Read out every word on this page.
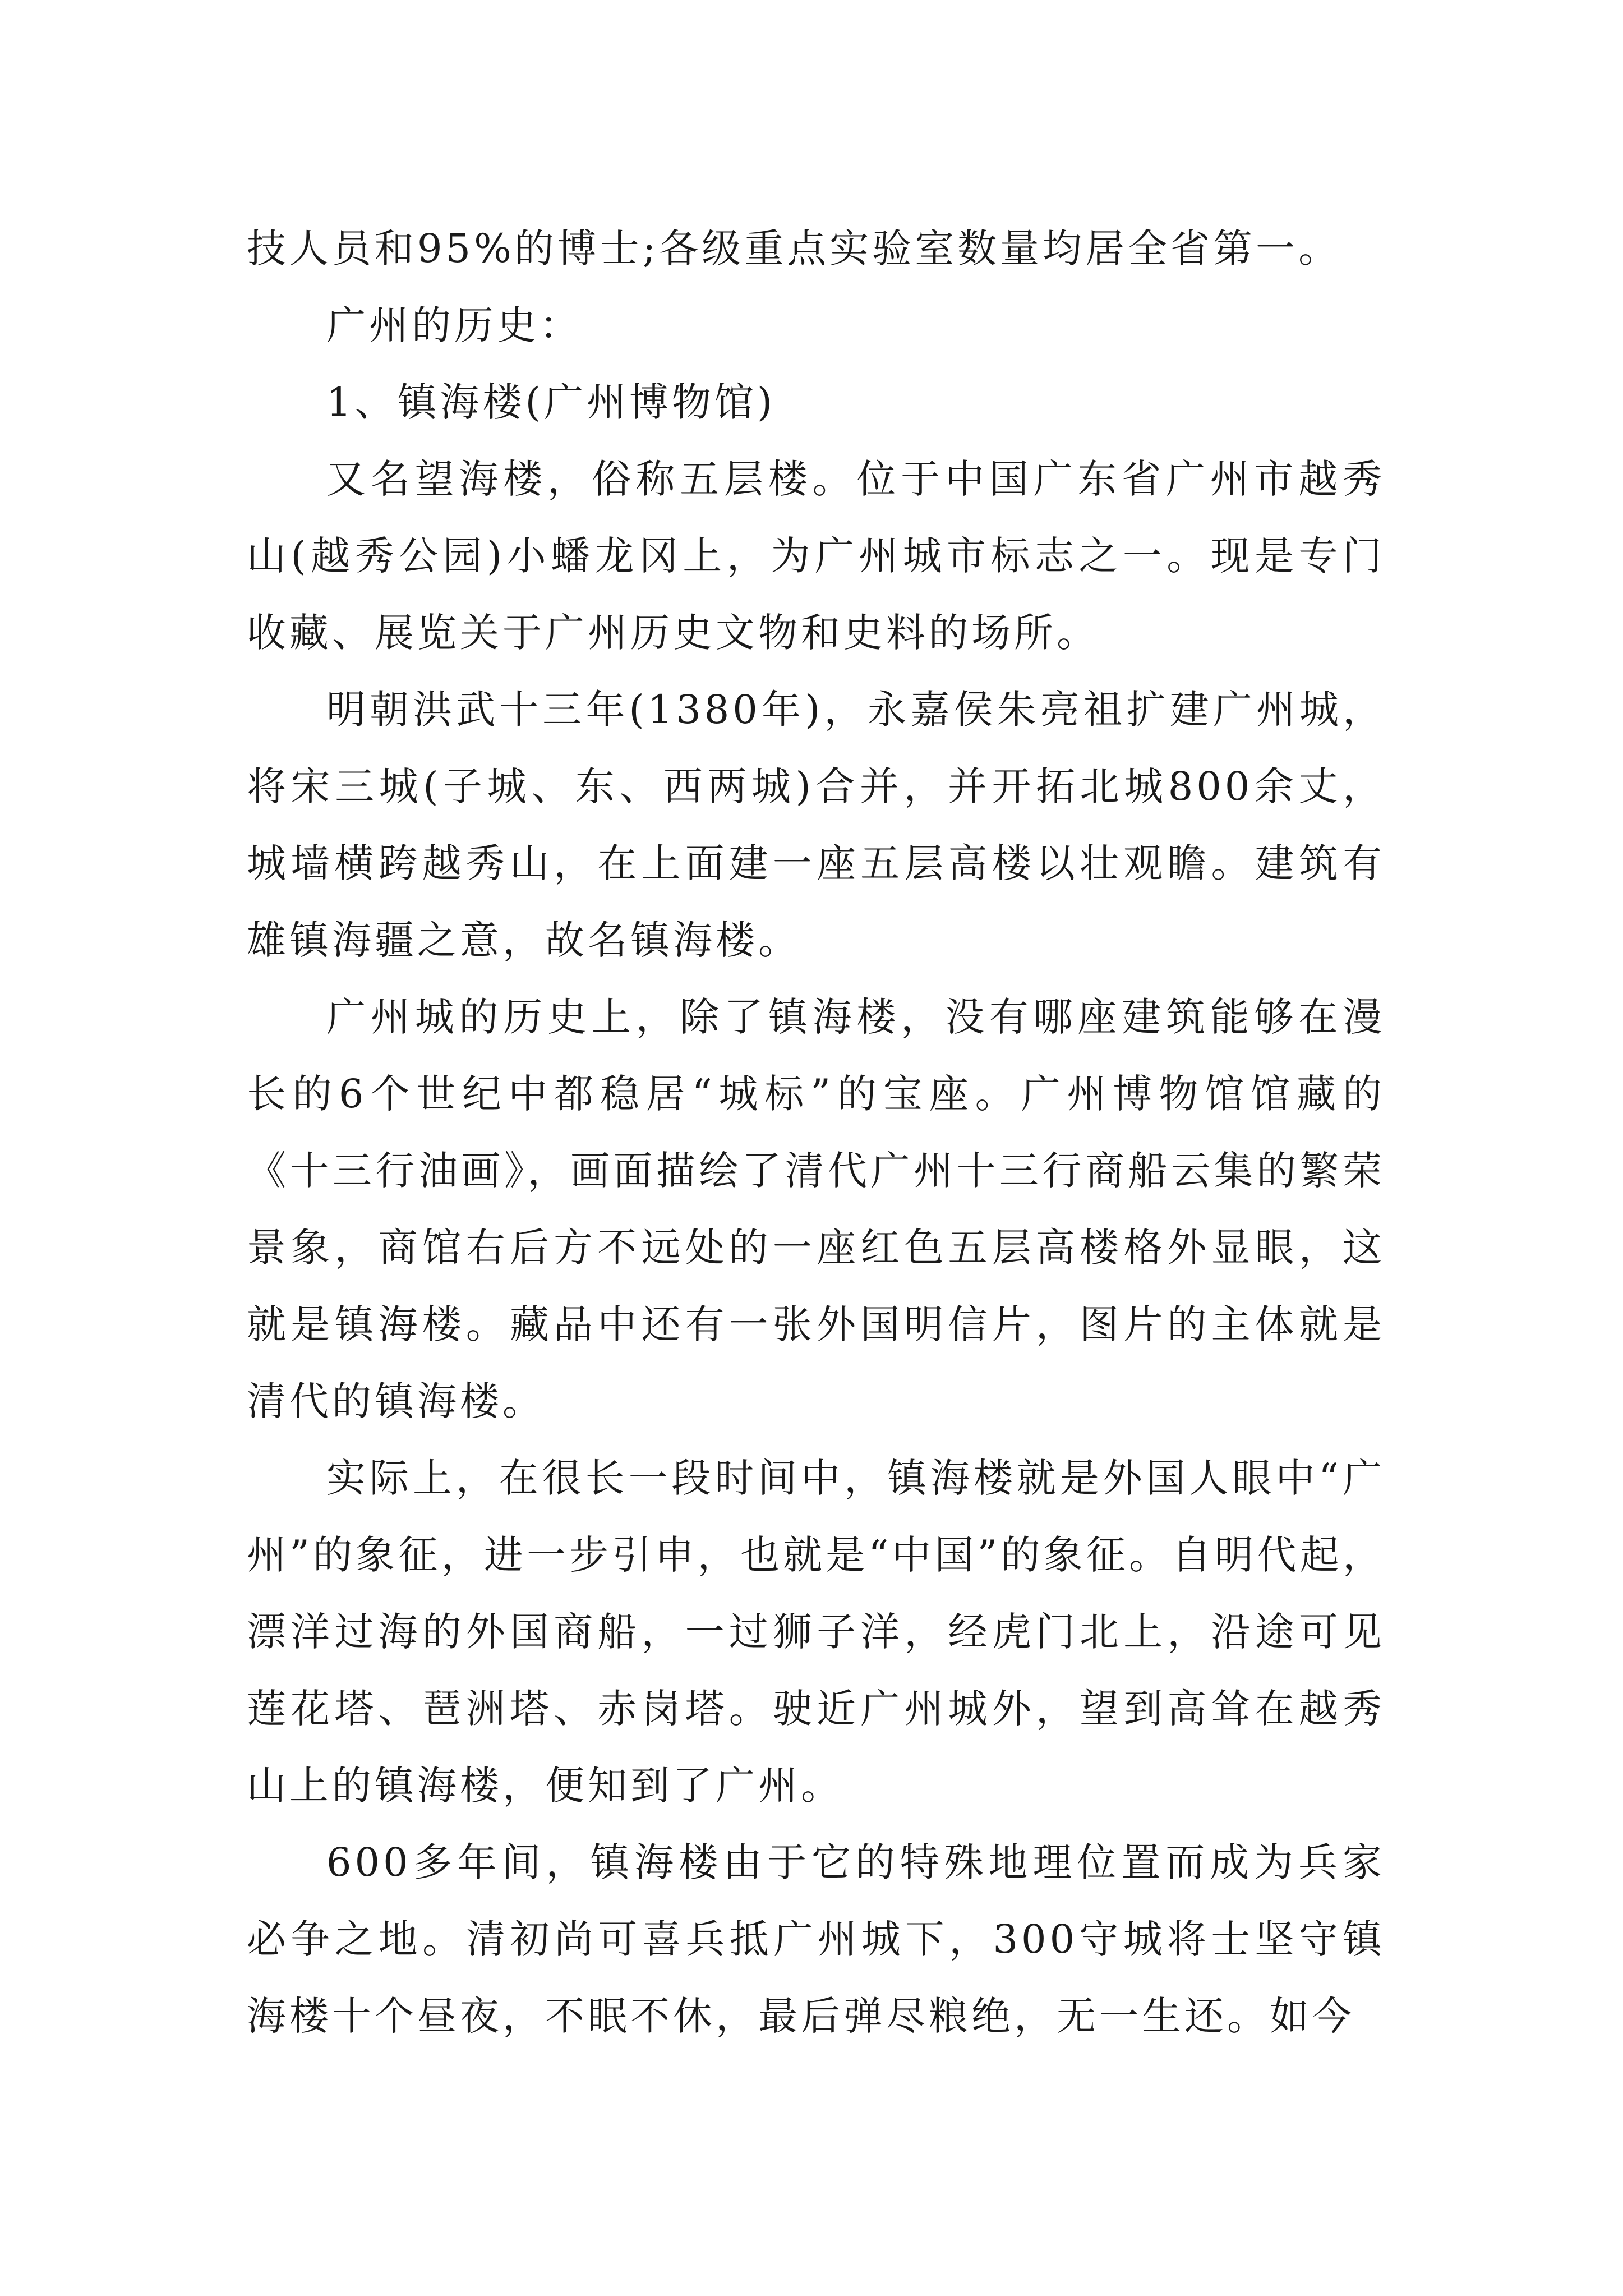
技人员和95%的博士;各级重点实验室数量均居全省第一。

广州的历史：

1、镇海楼(广州博物馆)

又名望海楼，俗称五层楼。位于中国广东省广州市越秀山(越秀公园)小蟠龙冈上，为广州城市标志之一。现是专门收藏、展览关于广州历史文物和史料的场所。

明朝洪武十三年(1380年)，永嘉侯朱亮祖扩建广州城，将宋三城(子城、东、西两城)合并，并开拓北城800余丈，城墙横跨越秀山，在上面建一座五层高楼以壮观瞻。建筑有雄镇海疆之意，故名镇海楼。

广州城的历史上，除了镇海楼，没有哪座建筑能够在漫长的6个世纪中都稳居“城标”的宝座。广州博物馆馆藏的《十三行油画》，画面描绘了清代广州十三行商船云集的繁荣景象，商馆右后方不远处的一座红色五层高楼格外显眼，这就是镇海楼。藏品中还有一张外国明信片，图片的主体就是清代的镇海楼。

实际上，在很长一段时间中，镇海楼就是外国人眼中“广州”的象征，进一步引申，也就是“中国”的象征。自明代起，漂洋过海的外国商船，一过狮子洋，经虎门北上，沿途可见莲花塔、琶洲塔、赤岗塔。驶近广州城外，望到高耸在越秀山上的镇海楼，便知到了广州。

600多年间，镇海楼由于它的特殊地理位置而成为兵家必争之地。清初尚可喜兵抵广州城下，300守城将士坚守镇海楼十个昼夜，不眠不休，最后弹尽粮绝，无一生还。如今
